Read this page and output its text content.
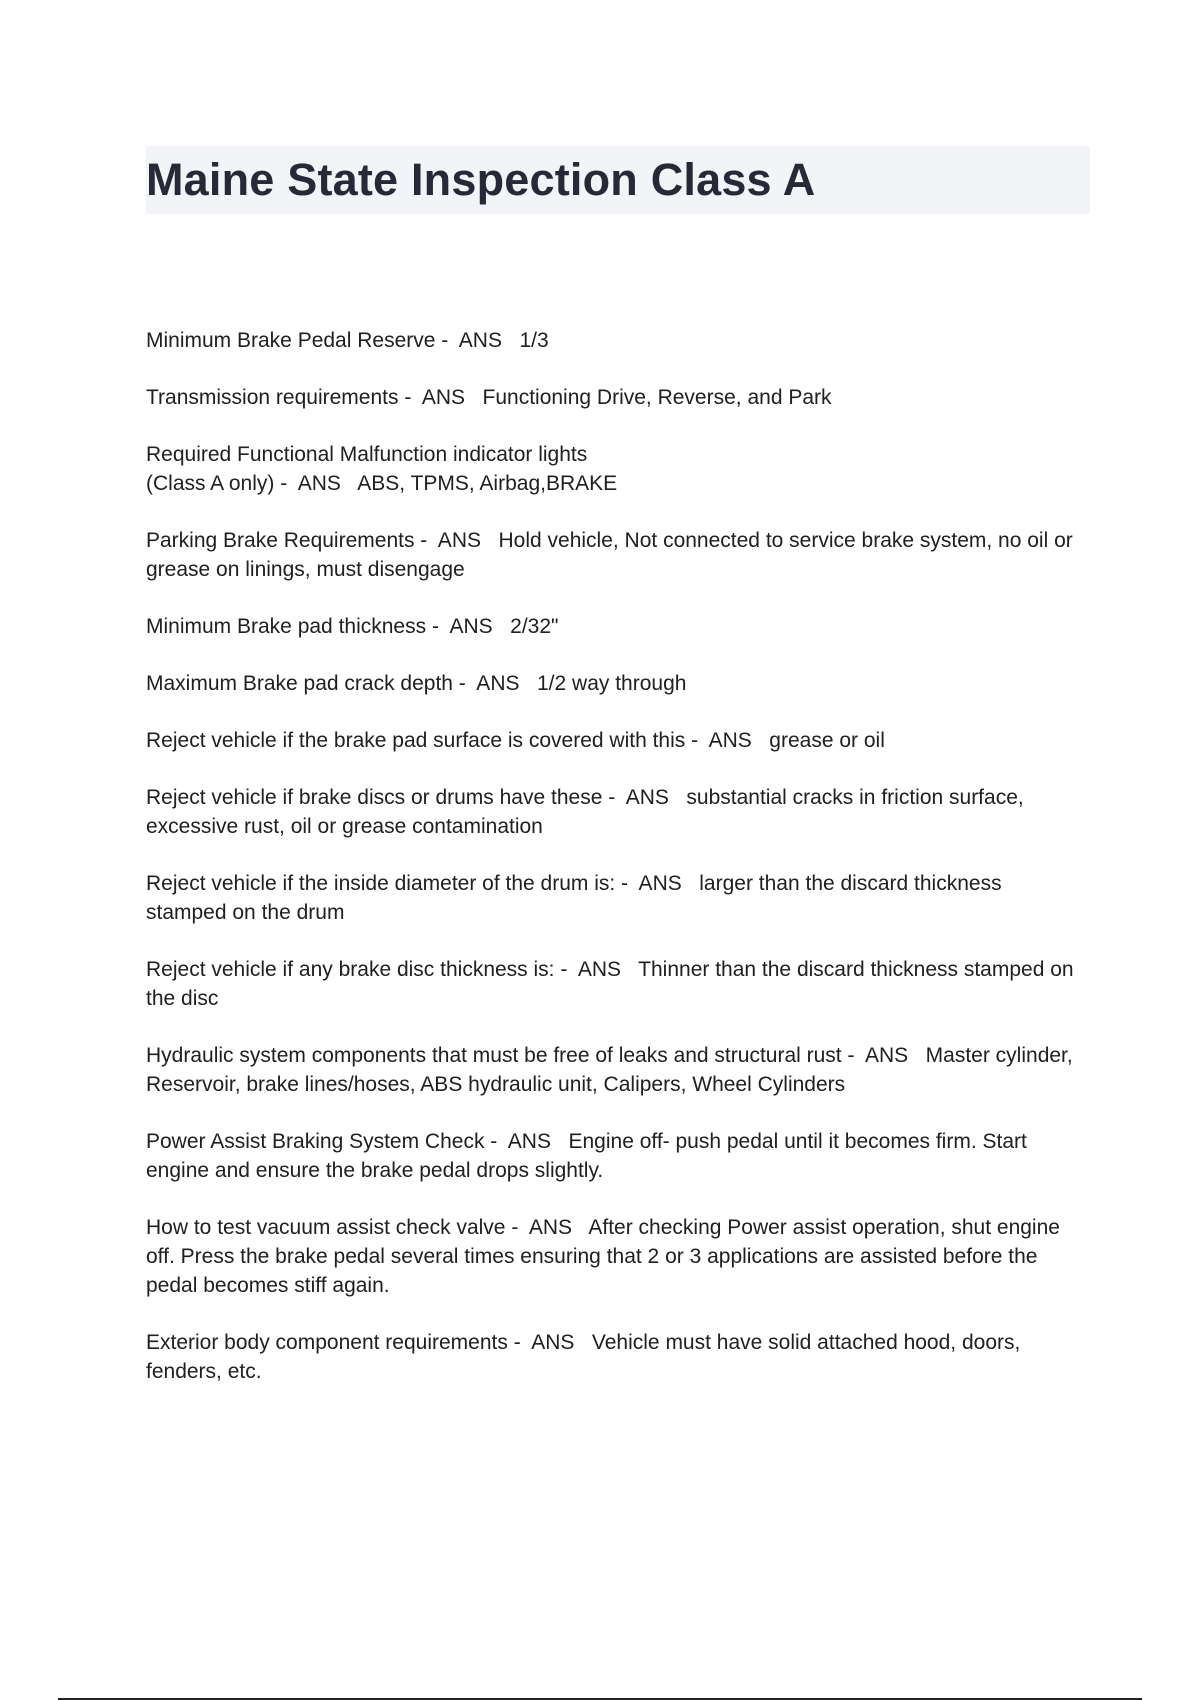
Maine State Inspection Class A
Minimum Brake Pedal Reserve -  ANS   1/3
Transmission requirements -  ANS   Functioning Drive, Reverse, and Park
Required Functional Malfunction indicator lights
(Class A only) -  ANS   ABS, TPMS, Airbag,BRAKE
Parking Brake Requirements -  ANS   Hold vehicle, Not connected to service brake system, no oil or grease on linings, must disengage
Minimum Brake pad thickness -  ANS   2/32"
Maximum Brake pad crack depth -  ANS   1/2 way through
Reject vehicle if the brake pad surface is covered with this -  ANS   grease or oil
Reject vehicle if brake discs or drums have these -  ANS   substantial cracks in friction surface, excessive rust, oil or grease contamination
Reject vehicle if the inside diameter of the drum is: -  ANS   larger than the discard thickness stamped on the drum
Reject vehicle if any brake disc thickness is: -  ANS   Thinner than the discard thickness stamped on the disc
Hydraulic system components that must be free of leaks and structural rust -  ANS   Master cylinder, Reservoir, brake lines/hoses, ABS hydraulic unit, Calipers, Wheel Cylinders
Power Assist Braking System Check -  ANS   Engine off- push pedal until it becomes firm. Start engine and ensure the brake pedal drops slightly.
How to test vacuum assist check valve -  ANS   After checking Power assist operation, shut engine off. Press the brake pedal several times ensuring that 2 or 3 applications are assisted before the pedal becomes stiff again.
Exterior body component requirements -  ANS   Vehicle must have solid attached hood, doors, fenders, etc.
